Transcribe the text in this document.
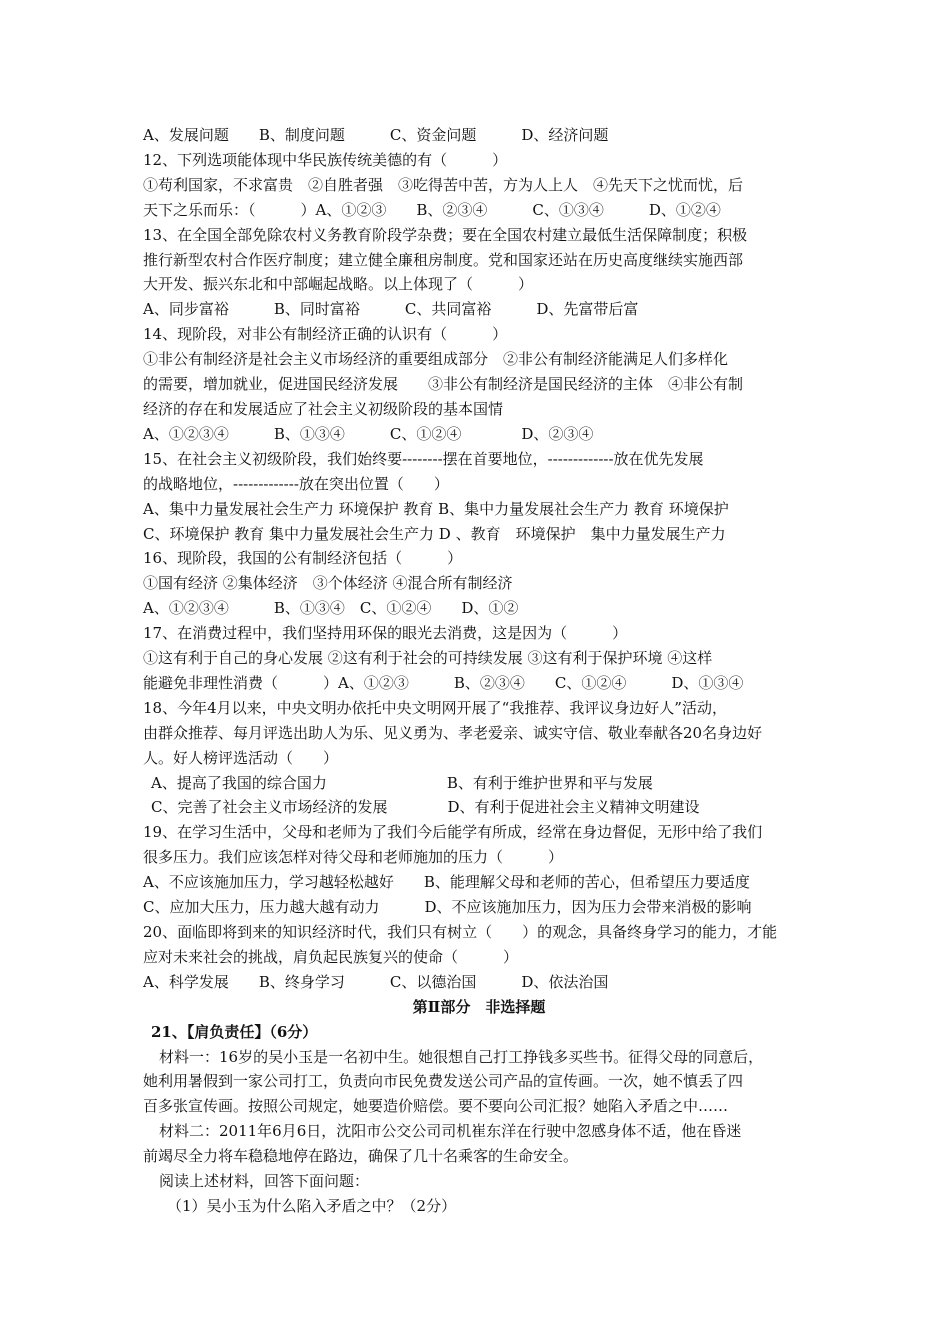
A、发展问题　　B、制度问题　　　C、资金问题　　　D、经济问题

12、下列选项能体现中华民族传统美德的有（　　　）

①苟利国家，不求富贵　②自胜者强　③吃得苦中苦，方为人上人　④先天下之忧而忧，后

天下之乐而乐：（　　　）A、①②③　　B、②③④　　　C、①③④　　　D、①②④

13、在全国全部免除农村义务教育阶段学杂费；要在全国农村建立最低生活保障制度；积极

推行新型农村合作医疗制度；建立健全廉租房制度。党和国家还站在历史高度继续实施西部

大开发、振兴东北和中部崛起战略。以上体现了（　　　）

A、同步富裕　　　B、同时富裕　　　C、共同富裕　　　D、先富带后富

14、现阶段，对非公有制经济正确的认识有（　　　）

①非公有制经济是社会主义市场经济的重要组成部分　②非公有制经济能满足人们多样化

的需要，增加就业，促进国民经济发展　　③非公有制经济是国民经济的主体　④非公有制

经济的存在和发展适应了社会主义初级阶段的基本国情

A、①②③④　　　B、①③④　　　C、①②④　　　　D、②③④

15、在社会主义初级阶段，我们始终要--------摆在首要地位，-------------放在优先发展

的战略地位，-------------放在突出位置（　　）

A、集中力量发展社会生产力 环境保护 教育 B、集中力量发展社会生产力 教育 环境保护

C、环境保护 教育 集中力量发展社会生产力 D 、教育　环境保护　集中力量发展生产力

16、现阶段，我国的公有制经济包括（　　　）

①国有经济 ②集体经济　③个体经济 ④混合所有制经济

A、①②③④　　　B、①③④　C、①②④　　D、①②

17、在消费过程中，我们坚持用环保的眼光去消费，这是因为（　　　）

①这有利于自己的身心发展 ②这有利于社会的可持续发展 ③这有利于保护环境 ④这样

能避免非理性消费（　　　）A、①②③　　　B、②③④　　C、①②④　　　D、①③④

18、今年4月以来，中央文明办依托中央文明网开展了“我推荐、我评议身边好人”活动，

由群众推荐、每月评选出助人为乐、见义勇为、孝老爱亲、诚实守信、敬业奉献各20名身边好

人。好人榜评选活动（　　）

A、提高了我国的综合国力　　　　　　　　B、有利于维护世界和平与发展

C、完善了社会主义市场经济的发展　　　　D、有利于促进社会主义精神文明建设

19、在学习生活中，父母和老师为了我们今后能学有所成，经常在身边督促，无形中给了我们

很多压力。我们应该怎样对待父母和老师施加的压力（　　　）

A、不应该施加压力，学习越轻松越好　　B、能理解父母和老师的苦心，但希望压力要适度

C、应加大压力，压力越大越有动力　　　D、不应该施加压力，因为压力会带来消极的影响

20、面临即将到来的知识经济时代，我们只有树立（　　）的观念，具备终身学习的能力，才能

应对未来社会的挑战，肩负起民族复兴的使命（　　　）

A、科学发展　　B、终身学习　　　C、以德治国　　　D、依法治国

第Ⅱ部分　非选择题

21、【肩负责任】（6分）

材料一：16岁的吴小玉是一名初中生。她很想自己打工挣钱多买些书。征得父母的同意后，

她利用暑假到一家公司打工，负责向市民免费发送公司产品的宣传画。一次，她不慎丢了四

百多张宣传画。按照公司规定，她要造价赔偿。要不要向公司汇报？她陷入矛盾之中……

材料二：2011年6月6日，沈阳市公交公司司机崔东洋在行驶中忽感身体不适，他在昏迷

前竭尽全力将车稳稳地停在路边，确保了几十名乘客的生命安全。

阅读上述材料，回答下面问题：

（1）吴小玉为什么陷入矛盾之中？（2分）
